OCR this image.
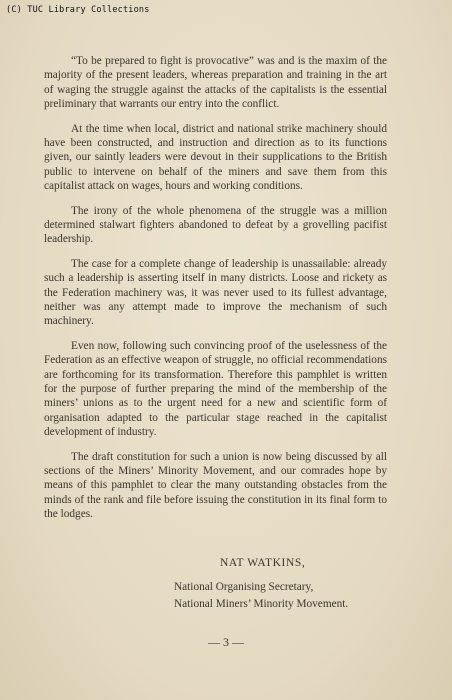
(C) TUC Library Collections

“To be prepared to fight is provocative” was and is the maxim of the majority of the present leaders, whereas preparation and training in the art of waging the struggle against the attacks of the capitalists is the essential preliminary that warrants our entry into the conflict.

At the time when local, district and national strike machinery should have been constructed, and instruction and direction as to its functions given, our saintly leaders were devout in their supplications to the British public to intervene on behalf of the miners and save them from this capitalist attack on wages, hours and working conditions.

The irony of the whole phenomena of the struggle was a million determined stalwart fighters abandoned to defeat by a grovelling pacifist leadership.

The case for a complete change of leadership is unassailable: already such a leadership is asserting itself in many districts. Loose and rickety as the Federation machinery was, it was never used to its fullest advantage, neither was any attempt made to improve the mechanism of such machinery.

Even now, following such convincing proof of the uselessness of the Federation as an effective weapon of struggle, no official recommendations are forthcoming for its transformation. Therefore this pamphlet is written for the purpose of further preparing the mind of the membership of the miners’ unions as to the urgent need for a new and scientific form of organisation adapted to the particular stage reached in the capitalist development of industry.

The draft constitution for such a union is now being discussed by all sections of the Miners’ Minority Movement, and our comrades hope by means of this pamphlet to clear the many outstanding obstacles from the minds of the rank and file before issuing the constitution in its final form to the lodges.

NAT WATKINS,
National Organising Secretary,
National Miners’ Minority Movement.
— 3 —
